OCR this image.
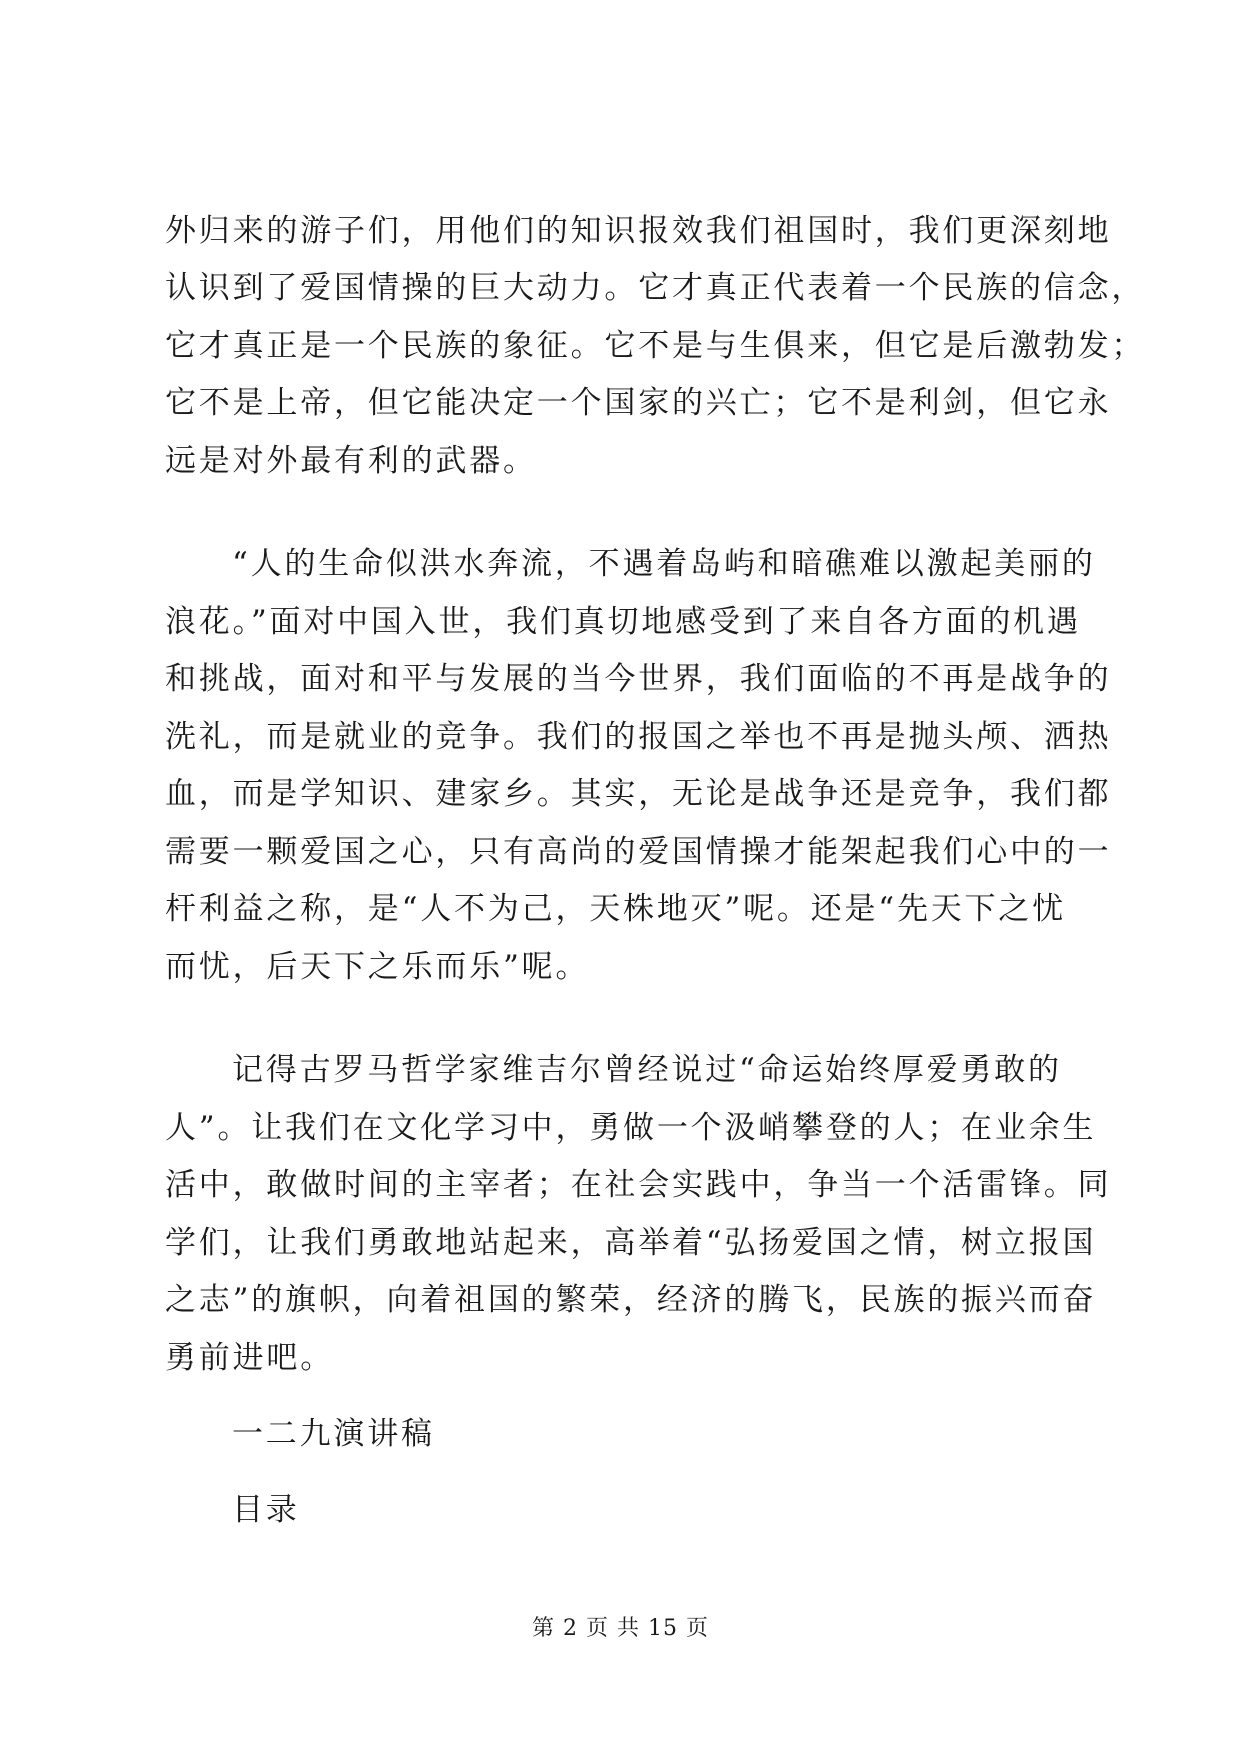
外归来的游子们，用他们的知识报效我们祖国时，我们更深刻地
认识到了爱国情操的巨大动力。它才真正代表着一个民族的信念，
它才真正是一个民族的象征。它不是与生俱来，但它是后激勃发；
它不是上帝，但它能决定一个国家的兴亡；它不是利剑，但它永
远是对外最有利的武器。
“人的生命似洪水奔流，不遇着岛屿和暗礁难以激起美丽的
浪花。”面对中国入世，我们真切地感受到了来自各方面的机遇
和挑战，面对和平与发展的当今世界，我们面临的不再是战争的
洗礼，而是就业的竞争。我们的报国之举也不再是抛头颅、洒热
血，而是学知识、建家乡。其实，无论是战争还是竞争，我们都
需要一颗爱国之心，只有高尚的爱国情操才能架起我们心中的一
杆利益之称，是“人不为己，天株地灭”呢。还是“先天下之忧
而忧，后天下之乐而乐”呢。
记得古罗马哲学家维吉尔曾经说过“命运始终厚爱勇敢的
人”。让我们在文化学习中，勇做一个汲峭攀登的人；在业余生
活中，敢做时间的主宰者；在社会实践中，争当一个活雷锋。同
学们，让我们勇敢地站起来，高举着“弘扬爱国之情，树立报国
之志”的旗帜，向着祖国的繁荣，经济的腾飞，民族的振兴而奋
勇前进吧。
一二九演讲稿
目录
第 2 页 共 15 页
